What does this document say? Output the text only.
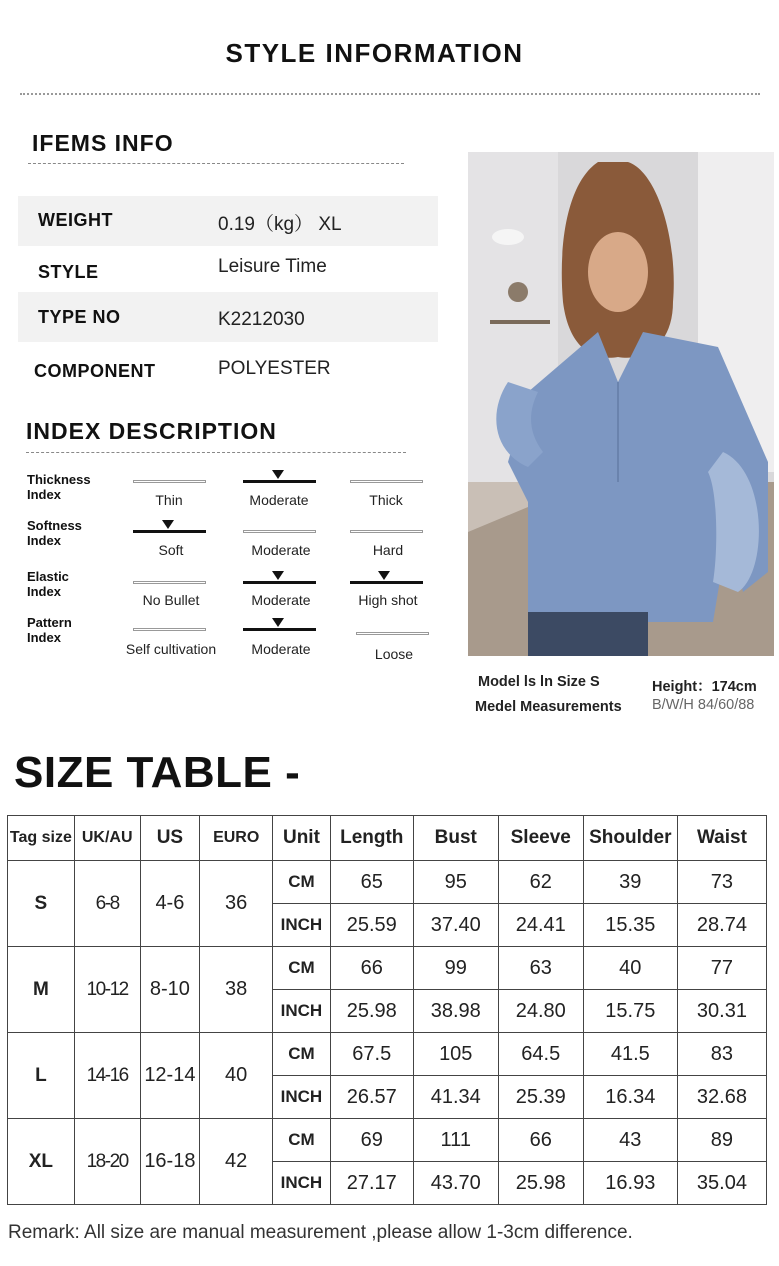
STYLE INFORMATION
IFEMS INFO
WEIGHT	0.19（kg） XL
STYLE	Leisure Time
TYPE NO	K2212030
COMPONENT	POLYESTER
INDEX DESCRIPTION
Thickness
Index	Thin	Moderate	Thick
Softness
Index
Soft	Moderate	Hard
Elastic
Index
No Bullet	Moderate	High shot
Pattern
Index
Self cultivation	Moderate	Loose
Model ls ln Size S
Medel Measurements
Height：174cm
B/W/H 84/60/88
SIZE TABLE -
Tag size	UK/AU	US	EURO	Unit	Length	Bust	Sleeve	Shoulder	Waist
S	6-8	4-6	36	CM	65	95	62	39	73
				INCH	25.59	37.40	24.41	15.35	28.74
M	10-12	8-10	38	CM	66	99	63	40	77
				INCH	25.98	38.98	24.80	15.75	30.31
L	14-16	12-14	40	CM	67.5	105	64.5	41.5	83
				INCH	26.57	41.34	25.39	16.34	32.68
XL	18-20	16-18	42	CM	69	111	66	43	89
				INCH	27.17	43.70	25.98	16.93	35.04
Remark: All size are manual measurement ,please allow 1-3cm difference.
